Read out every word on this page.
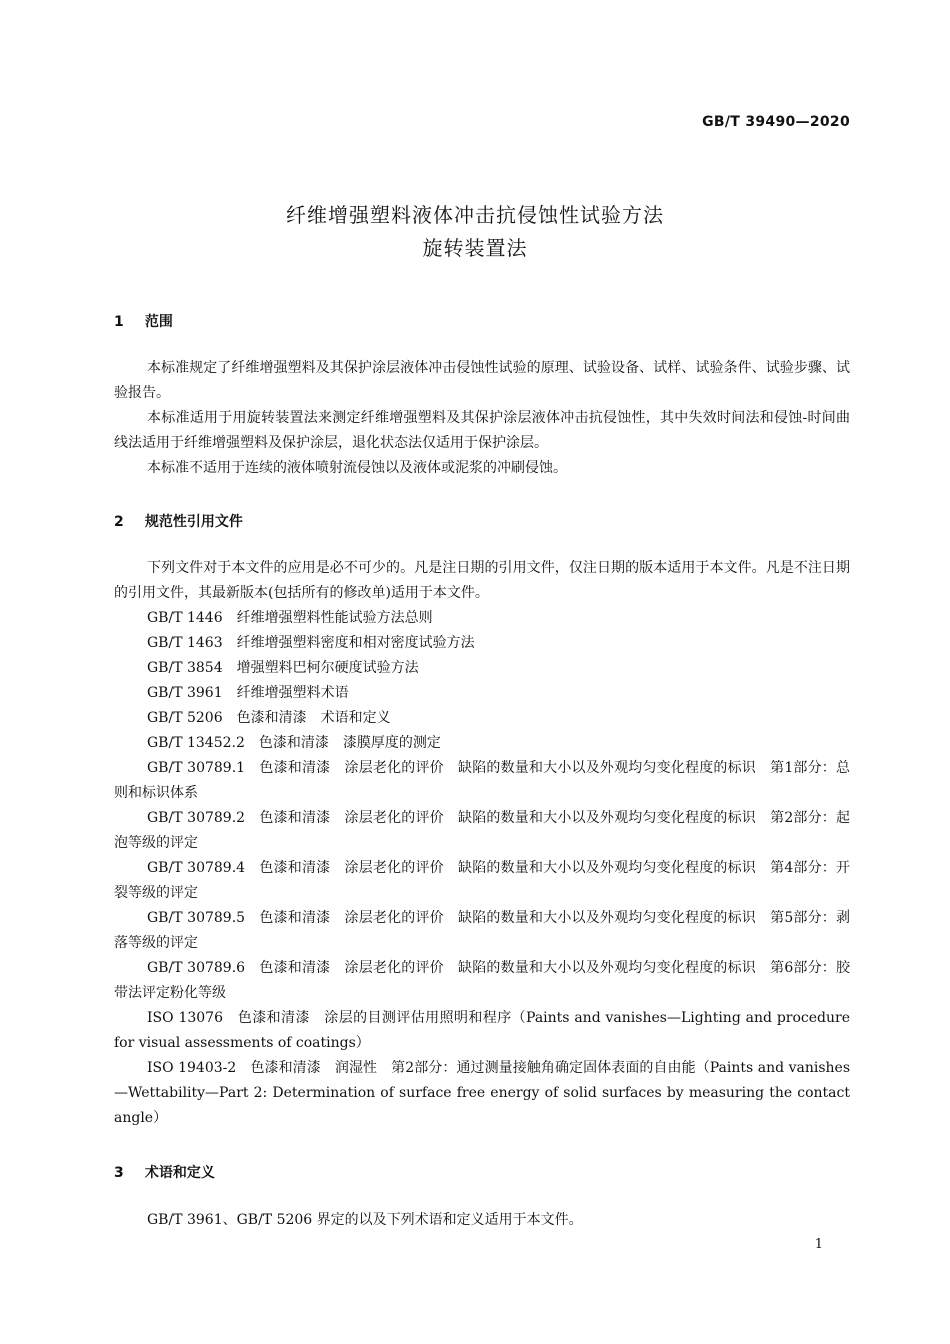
GB/T 39490—2020
纤维增强塑料液体冲击抗侵蚀性试验方法
旋转装置法
1 范围
本标准规定了纤维增强塑料及其保护涂层液体冲击侵蚀性试验的原理、试验设备、试样、试验条件、试验步骤、试验报告。
本标准适用于用旋转装置法来测定纤维增强塑料及其保护涂层液体冲击抗侵蚀性，其中失效时间法和侵蚀-时间曲线法适用于纤维增强塑料及保护涂层，退化状态法仅适用于保护涂层。
本标准不适用于连续的液体喷射流侵蚀以及液体或泥浆的冲刷侵蚀。
2 规范性引用文件
下列文件对于本文件的应用是必不可少的。凡是注日期的引用文件，仅注日期的版本适用于本文件。凡是不注日期的引用文件，其最新版本(包括所有的修改单)适用于本文件。
GB/T 1446　纤维增强塑料性能试验方法总则
GB/T 1463　纤维增强塑料密度和相对密度试验方法
GB/T 3854　增强塑料巴柯尔硬度试验方法
GB/T 3961　纤维增强塑料术语
GB/T 5206　色漆和清漆　术语和定义
GB/T 13452.2　色漆和清漆　漆膜厚度的测定
GB/T 30789.1　色漆和清漆　涂层老化的评价　缺陷的数量和大小以及外观均匀变化程度的标识　第1部分：总则和标识体系
GB/T 30789.2　色漆和清漆　涂层老化的评价　缺陷的数量和大小以及外观均匀变化程度的标识　第2部分：起泡等级的评定
GB/T 30789.4　色漆和清漆　涂层老化的评价　缺陷的数量和大小以及外观均匀变化程度的标识　第4部分：开裂等级的评定
GB/T 30789.5　色漆和清漆　涂层老化的评价　缺陷的数量和大小以及外观均匀变化程度的标识　第5部分：剥落等级的评定
GB/T 30789.6　色漆和清漆　涂层老化的评价　缺陷的数量和大小以及外观均匀变化程度的标识　第6部分：胶带法评定粉化等级
ISO 13076　色漆和清漆　涂层的目测评估用照明和程序（Paints and vanishes—Lighting and procedure for visual assessments of coatings）
ISO 19403-2　色漆和清漆　润湿性　第2部分：通过测量接触角确定固体表面的自由能（Paints and vanishes—Wettability—Part 2: Determination of surface free energy of solid surfaces by measuring the contact angle）
3 术语和定义
GB/T 3961、GB/T 5206 界定的以及下列术语和定义适用于本文件。
1
